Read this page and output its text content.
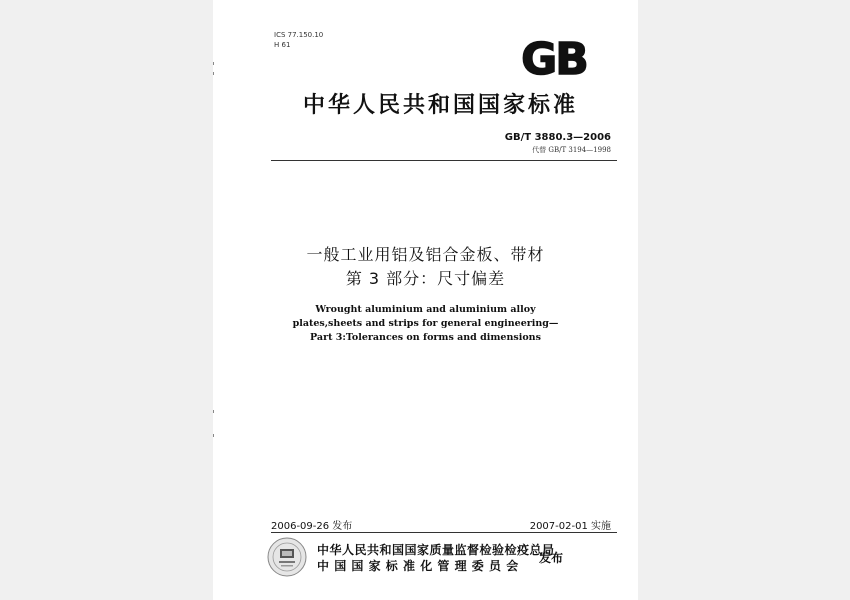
ICS 77.150.10
H 61	GB
中华人民共和国国家标准
GB/T 3880.3—2006
代替 GB/T 3194—1998
一般工业用铝及铝合金板、带材
第 3 部分：尺寸偏差
Wrought aluminium and aluminium alloy
plates,sheets and strips for general engineering—
Part 3:Tolerances on forms and dimensions
2006-09-26 发布	2007-02-01 实施
中华人民共和国国家质量监督检验检疫总局
中国国家标准化管理委员会
发布
